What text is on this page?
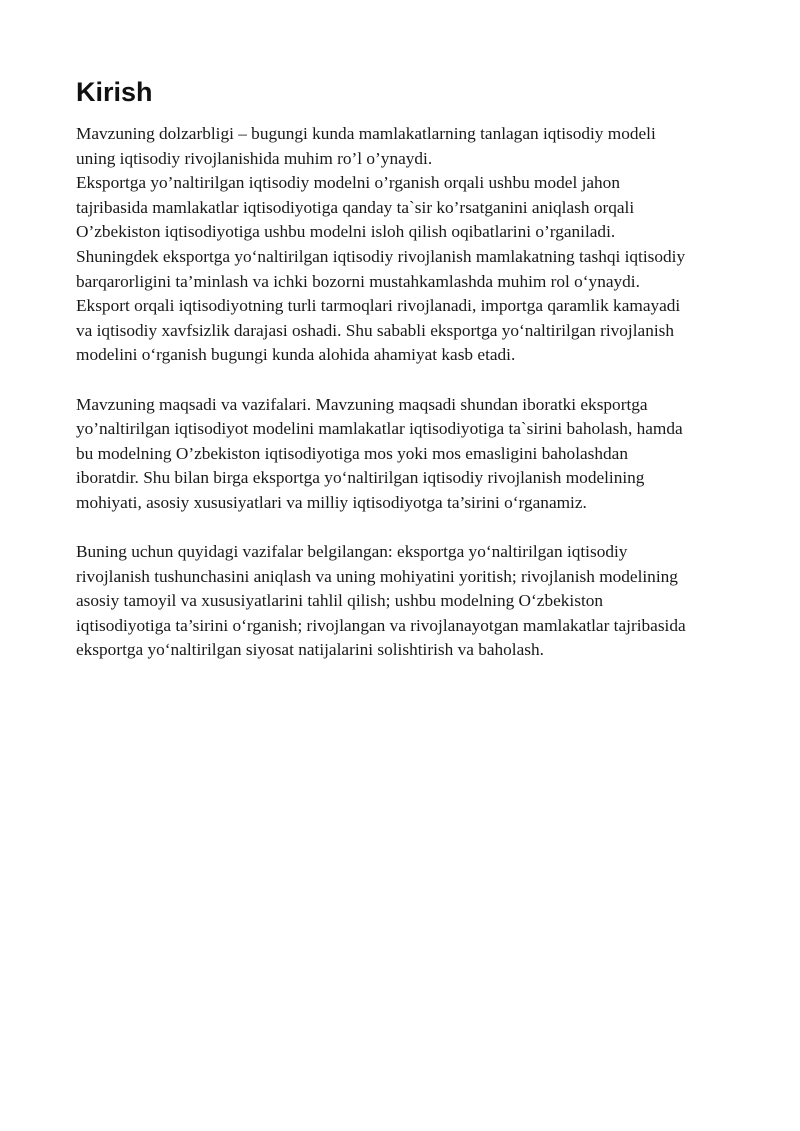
Kirish

Mavzuning dolzarbligi – bugungi kunda mamlakatlarning tanlagan iqtisodiy modeli
uning iqtisodiy rivojlanishida muhim ro’l o’ynaydi.
Eksportga yo’naltirilgan iqtisodiy modelni o’rganish orqali ushbu model jahon
tajribasida mamlakatlar iqtisodiyotiga qanday ta`sir ko’rsatganini aniqlash orqali
O’zbekiston iqtisodiyotiga ushbu modelni isloh qilish oqibatlarini o’rganiladi.
Shuningdek eksportga yo‘naltirilgan iqtisodiy rivojlanish mamlakatning tashqi iqtisodiy
barqarorligini ta’minlash va ichki bozorni mustahkamlashda muhim rol o‘ynaydi.
Eksport orqali iqtisodiyotning turli tarmoqlari rivojlanadi, importga qaramlik kamayadi
va iqtisodiy xavfsizlik darajasi oshadi. Shu sababli eksportga yo‘naltirilgan rivojlanish
modelini o‘rganish bugungi kunda alohida ahamiyat kasb etadi.

Mavzuning maqsadi va vazifalari. Mavzuning maqsadi shundan iboratki eksportga
yo’naltirilgan iqtisodiyot modelini mamlakatlar iqtisodiyotiga ta`sirini baholash, hamda
bu modelning O’zbekiston iqtisodiyotiga mos yoki mos emasligini baholashdan
iboratdir. Shu bilan birga eksportga yo‘naltirilgan iqtisodiy rivojlanish modelining
mohiyati, asosiy xususiyatlari va milliy iqtisodiyotga ta’sirini o‘rganamiz.

Buning uchun quyidagi vazifalar belgilangan: eksportga yo‘naltirilgan iqtisodiy
rivojlanish tushunchasini aniqlash va uning mohiyatini yoritish; rivojlanish modelining
asosiy tamoyil va xususiyatlarini tahlil qilish; ushbu modelning O‘zbekiston
iqtisodiyotiga ta’sirini o‘rganish; rivojlangan va rivojlanayotgan mamlakatlar tajribasida
eksportga yo‘naltirilgan siyosat natijalarini solishtirish va baholash.
